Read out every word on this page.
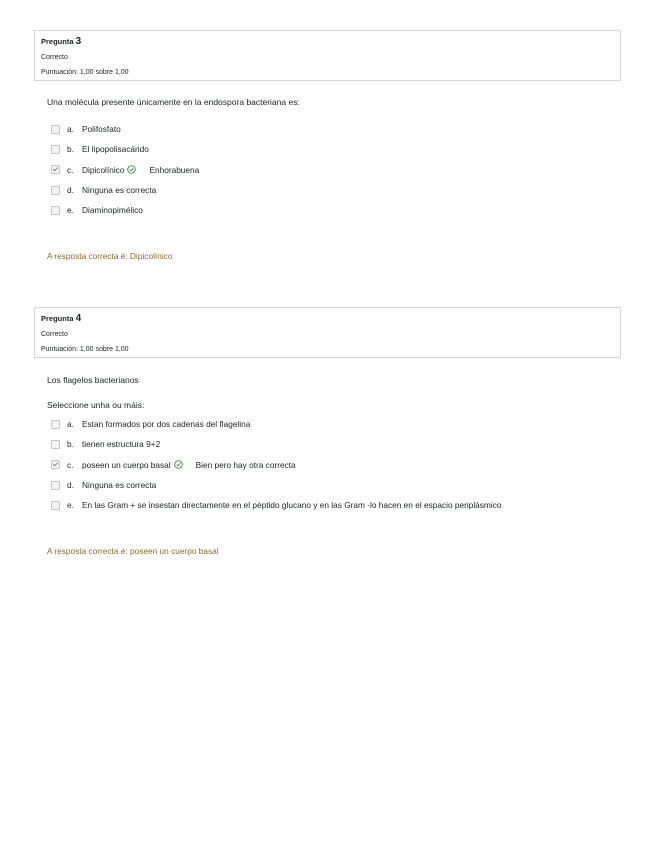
Pregunta 3
Correcto
Puntuación: 1,00 sobre 1,00
Una molécula presente únicamente en la endospora bacteriana es:
a. Polifosfato
b. El lipopolisacárido
c.	Dipicolínico	Enhorabuena
d. Ninguna es correcta
e. Diaminopimélico
A resposta correcta é: Dipicolínico
Pregunta 4
Correcto
Puntuación: 1,00 sobre 1,00
Los flagelos bacterianos
Seleccione unha ou máis:
a. Estan formados por dos cadenas del flagelina
b. tienen estructura 9+2
c.	poseen un cuerpo basal	Bien pero hay otra correcta
d. Ninguna es correcta
e. En las Gram + se insestan directamente en el péptido glucano y en las Gram -lo hacen en el espacio periplásmico
A resposta correcta é: poseen un cuerpo basal
